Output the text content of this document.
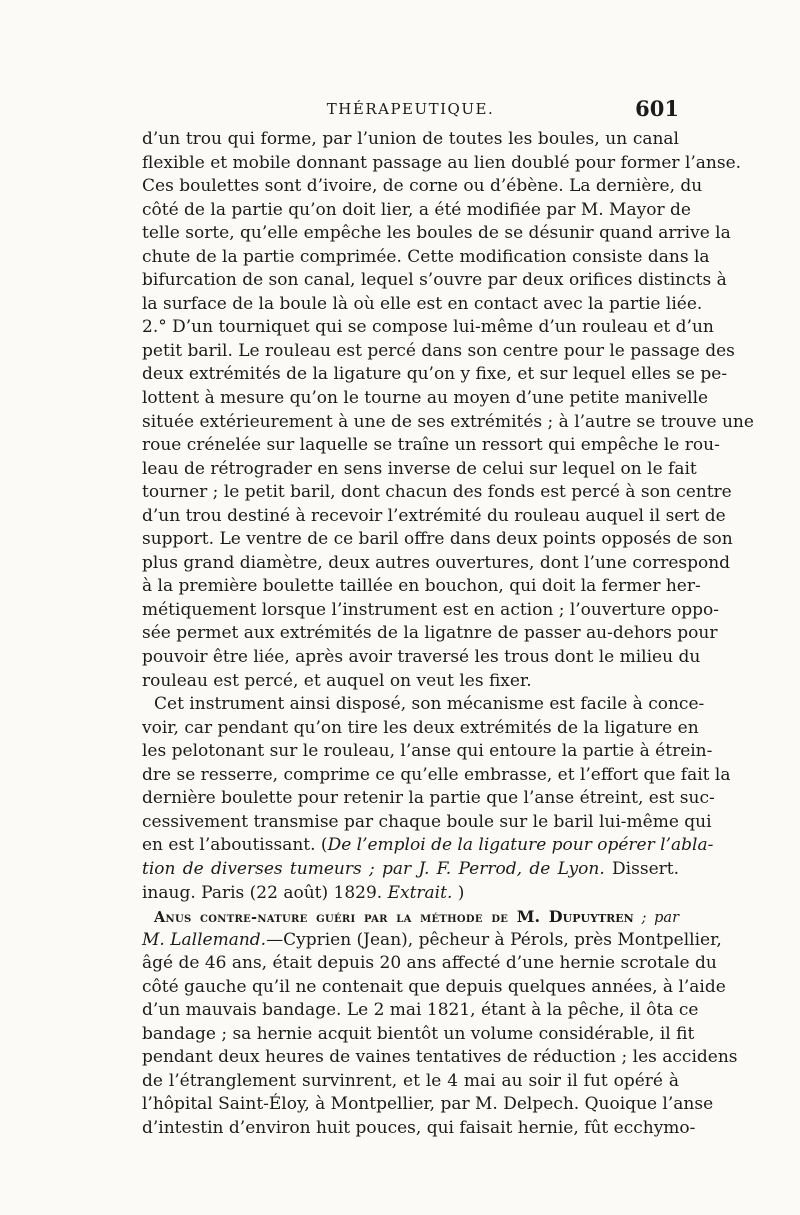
THÉRAPEUTIQUE.	601
d’un trou qui forme, par l’union de toutes les boules, un canal
flexible et mobile donnant passage au lien doublé pour former l’anse.
Ces boulettes sont d’ivoire, de corne ou d’ébène. La dernière, du
côté de la partie qu’on doit lier, a été modifiée par M. Mayor de
telle sorte, qu’elle empêche les boules de se désunir quand arrive la
chute de la partie comprimée. Cette modification consiste dans la
bifurcation de son canal, lequel s’ouvre par deux orifices distincts à
la surface de la boule là où elle est en contact avec la partie liée.
2.° D’un tourniquet qui se compose lui-même d’un rouleau et d’un
petit baril. Le rouleau est percé dans son centre pour le passage des
deux extrémités de la ligature qu’on y fixe, et sur lequel elles se pe-
lottent à mesure qu’on le tourne au moyen d’une petite manivelle
située extérieurement à une de ses extrémités ; à l’autre se trouve une
roue crénelée sur laquelle se traîne un ressort qui empêche le rou-
leau de rétrograder en sens inverse de celui sur lequel on le fait
tourner ; le petit baril, dont chacun des fonds est percé à son centre
d’un trou destiné à recevoir l’extrémité du rouleau auquel il sert de
support. Le ventre de ce baril offre dans deux points opposés de son
plus grand diamètre, deux autres ouvertures, dont l’une correspond
à la première boulette taillée en bouchon, qui doit la fermer her-
métiquement lorsque l’instrument est en action ; l’ouverture oppo-
sée permet aux extrémités de la ligatnre de passer au-dehors pour
pouvoir être liée, après avoir traversé les trous dont le milieu du
rouleau est percé, et auquel on veut les fixer.
Cet instrument ainsi disposé, son mécanisme est facile à conce-
voir, car pendant qu’on tire les deux extrémités de la ligature en
les pelotonant sur le rouleau, l’anse qui entoure la partie à étrein-
dre se resserre, comprime ce qu’elle embrasse, et l’effort que fait la
dernière boulette pour retenir la partie que l’anse étreint, est suc-
cessivement transmise par chaque boule sur le baril lui-même qui
en est l’aboutissant. (De l’emploi de la ligature pour opérer l’abla-
tion de diverses tumeurs ; par J. F. Perrod, de Lyon. Dissert.
inaug. Paris (22 août) 1829. Extrait. )
Anus contre-nature guéri par la méthode de M. Dupuytren ; par
M. Lallemand.—Cyprien (Jean), pêcheur à Pérols, près Montpellier,
âgé de 46 ans, était depuis 20 ans affecté d’une hernie scrotale du
côté gauche qu’il ne contenait que depuis quelques années, à l’aide
d’un mauvais bandage. Le 2 mai 1821, étant à la pêche, il ôta ce
bandage ; sa hernie acquit bientôt un volume considérable, il fit
pendant deux heures de vaines tentatives de réduction ; les accidens
de l’étranglement survinrent, et le 4 mai au soir il fut opéré à
l’hôpital Saint-Éloy, à Montpellier, par M. Delpech. Quoique l’anse
d’intestin d’environ huit pouces, qui faisait hernie, fût ecchymo-
